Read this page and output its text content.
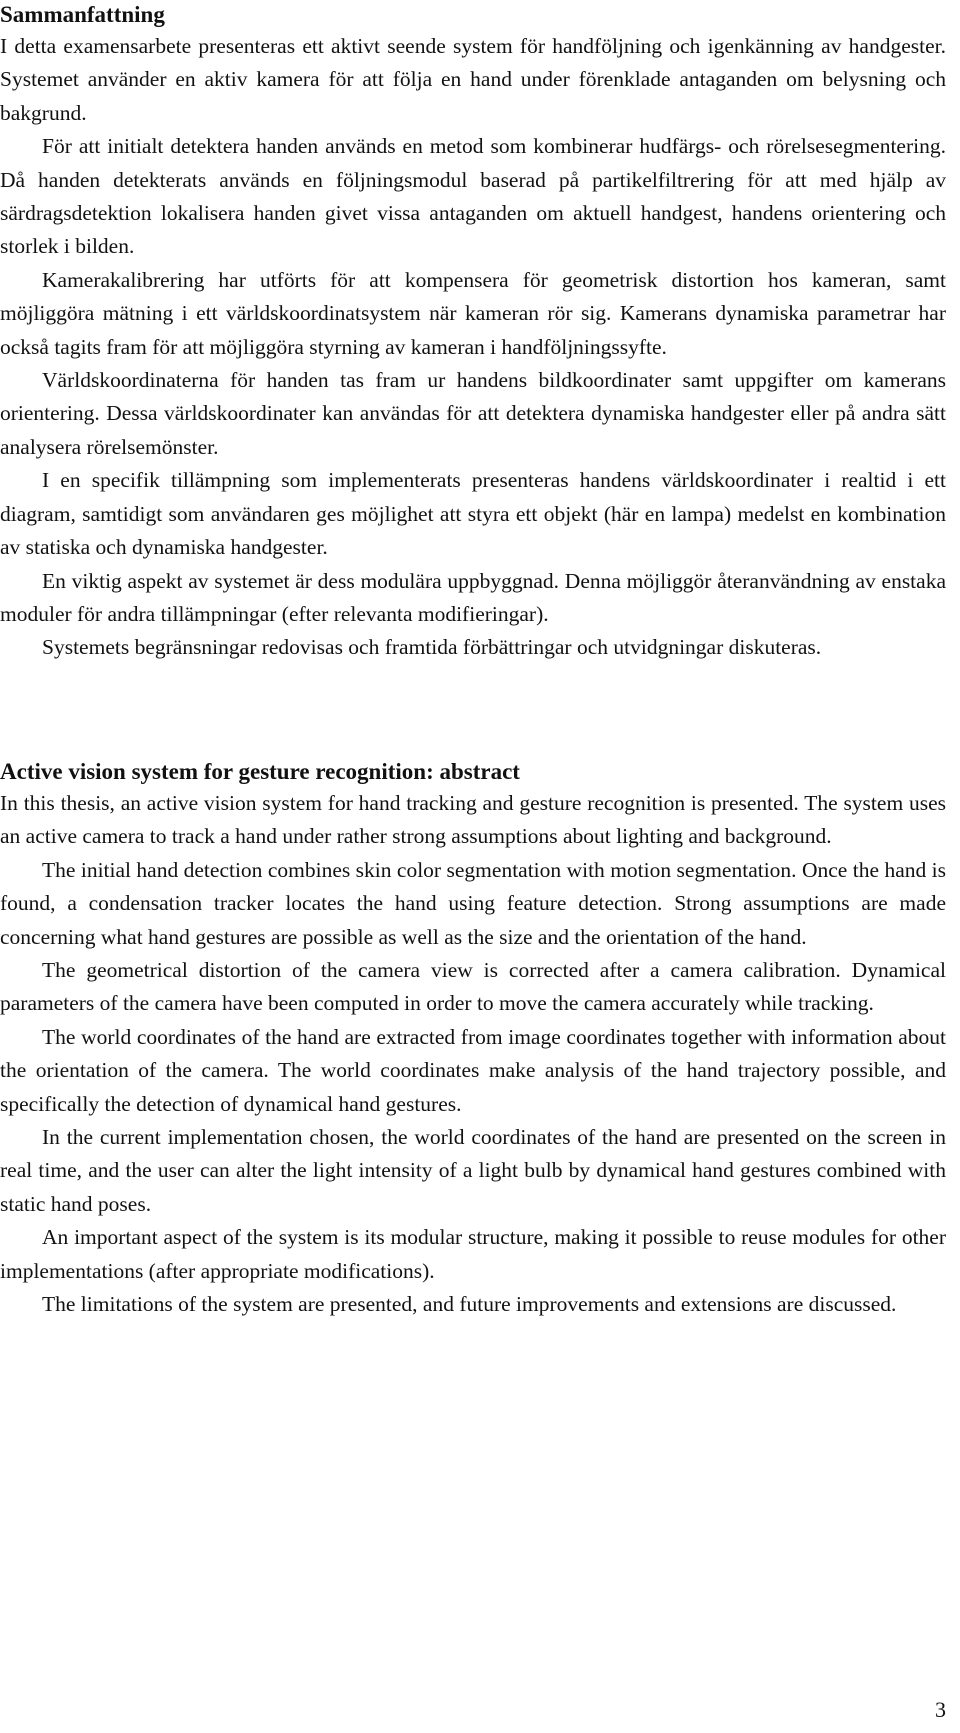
Sammanfattning

I detta examensarbete presenteras ett aktivt seende system för handföljning och igenkänning av handgester. Systemet använder en aktiv kamera för att följa en hand under förenklade antaganden om belysning och bakgrund.

För att initialt detektera handen används en metod som kombinerar hudfärgs- och rörelsesegmentering. Då handen detekterats används en följningsmodul baserad på partikelfiltrering för att med hjälp av särdragsdetektion lokalisera handen givet vissa antaganden om aktuell handgest, handens orientering och storlek i bilden.

Kamerakalibrering har utförts för att kompensera för geometrisk distortion hos kameran, samt möjliggöra mätning i ett världskoordinatsystem när kameran rör sig. Kamerans dynamiska parametrar har också tagits fram för att möjliggöra styrning av kameran i handföljningssyfte.

Världskoordinaterna för handen tas fram ur handens bildkoordinater samt uppgifter om kamerans orientering. Dessa världskoordinater kan användas för att detektera dynamiska handgester eller på andra sätt analysera rörelsemönster.

I en specifik tillämpning som implementerats presenteras handens världskoordinater i realtid i ett diagram, samtidigt som användaren ges möjlighet att styra ett objekt (här en lampa) medelst en kombination av statiska och dynamiska handgester.

En viktig aspekt av systemet är dess modulära uppbyggnad. Denna möjliggör återanvändning av enstaka moduler för andra tillämpningar (efter relevanta modifieringar).

Systemets begränsningar redovisas och framtida förbättringar och utvidgningar diskuteras.

Active vision system for gesture recognition: abstract

In this thesis, an active vision system for hand tracking and gesture recognition is presented. The system uses an active camera to track a hand under rather strong assumptions about lighting and background.

The initial hand detection combines skin color segmentation with motion segmentation. Once the hand is found, a condensation tracker locates the hand using feature detection. Strong assumptions are made concerning what hand gestures are possible as well as the size and the orientation of the hand.

The geometrical distortion of the camera view is corrected after a camera calibration. Dynamical parameters of the camera have been computed in order to move the camera accurately while tracking.

The world coordinates of the hand are extracted from image coordinates together with information about the orientation of the camera. The world coordinates make analysis of the hand trajectory possible, and specifically the detection of dynamical hand gestures.

In the current implementation chosen, the world coordinates of the hand are presented on the screen in real time, and the user can alter the light intensity of a light bulb by dynamical hand gestures combined with static hand poses.

An important aspect of the system is its modular structure, making it possible to reuse modules for other implementations (after appropriate modifications).

The limitations of the system are presented, and future improvements and extensions are discussed.

3
